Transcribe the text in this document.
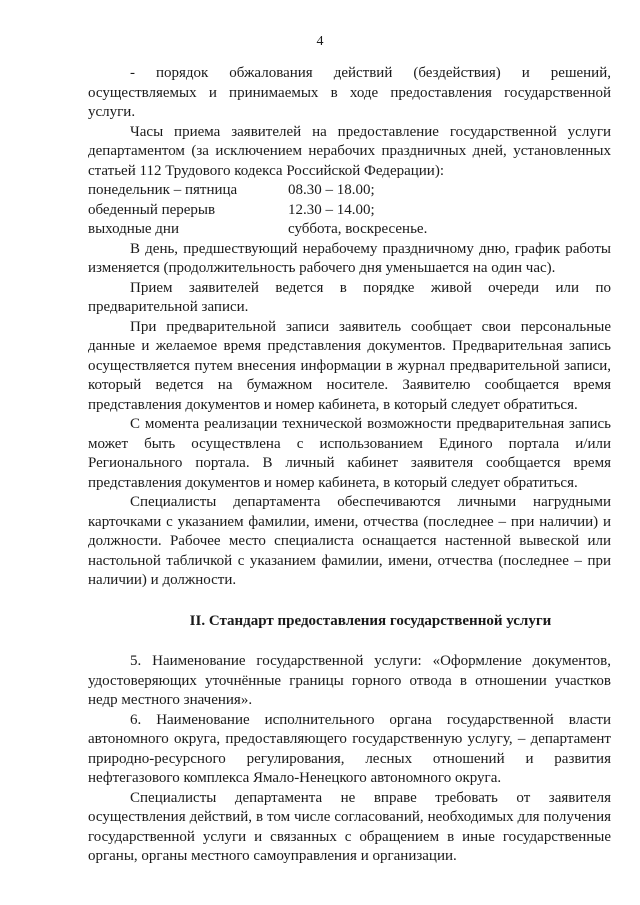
4

- порядок обжалования действий (бездействия) и решений, осуществляемых и принимаемых в ходе предоставления государственной услуги.

Часы приема заявителей на предоставление государственной услуги департаментом (за исключением нерабочих праздничных дней, установленных статьей 112 Трудового кодекса Российской Федерации):

понедельник – пятница	08.30 – 18.00;
обеденный перерыв	12.30 – 14.00;
выходные дни	суббота, воскресенье.

В день, предшествующий нерабочему праздничному дню, график работы изменяется (продолжительность рабочего дня уменьшается на один час).

Прием заявителей ведется в порядке живой очереди или по предварительной записи.

При предварительной записи заявитель сообщает свои персональные данные и желаемое время представления документов. Предварительная запись осуществляется путем внесения информации в журнал предварительной записи, который ведется на бумажном носителе. Заявителю сообщается время представления документов и номер кабинета, в который следует обратиться.

С момента реализации технической возможности предварительная запись может быть осуществлена с использованием Единого портала и/или Регионального портала. В личный кабинет заявителя сообщается время представления документов и номер кабинета, в который следует обратиться.

Специалисты департамента обеспечиваются личными нагрудными карточками с указанием фамилии, имени, отчества (последнее – при наличии) и должности. Рабочее место специалиста оснащается настенной вывеской или настольной табличкой с указанием фамилии, имени, отчества (последнее – при наличии) и должности.

II. Стандарт предоставления государственной услуги

5. Наименование государственной услуги: «Оформление документов, удостоверяющих уточнённые границы горного отвода в отношении участков недр местного значения».

6. Наименование исполнительного органа государственной власти автономного округа, предоставляющего государственную услугу, – департамент природно-ресурсного регулирования, лесных отношений и развития нефтегазового комплекса Ямало-Ненецкого автономного округа.

Специалисты департамента не вправе требовать от заявителя осуществления действий, в том числе согласований, необходимых для получения государственной услуги и связанных с обращением в иные государственные органы, органы местного самоуправления и организации.
